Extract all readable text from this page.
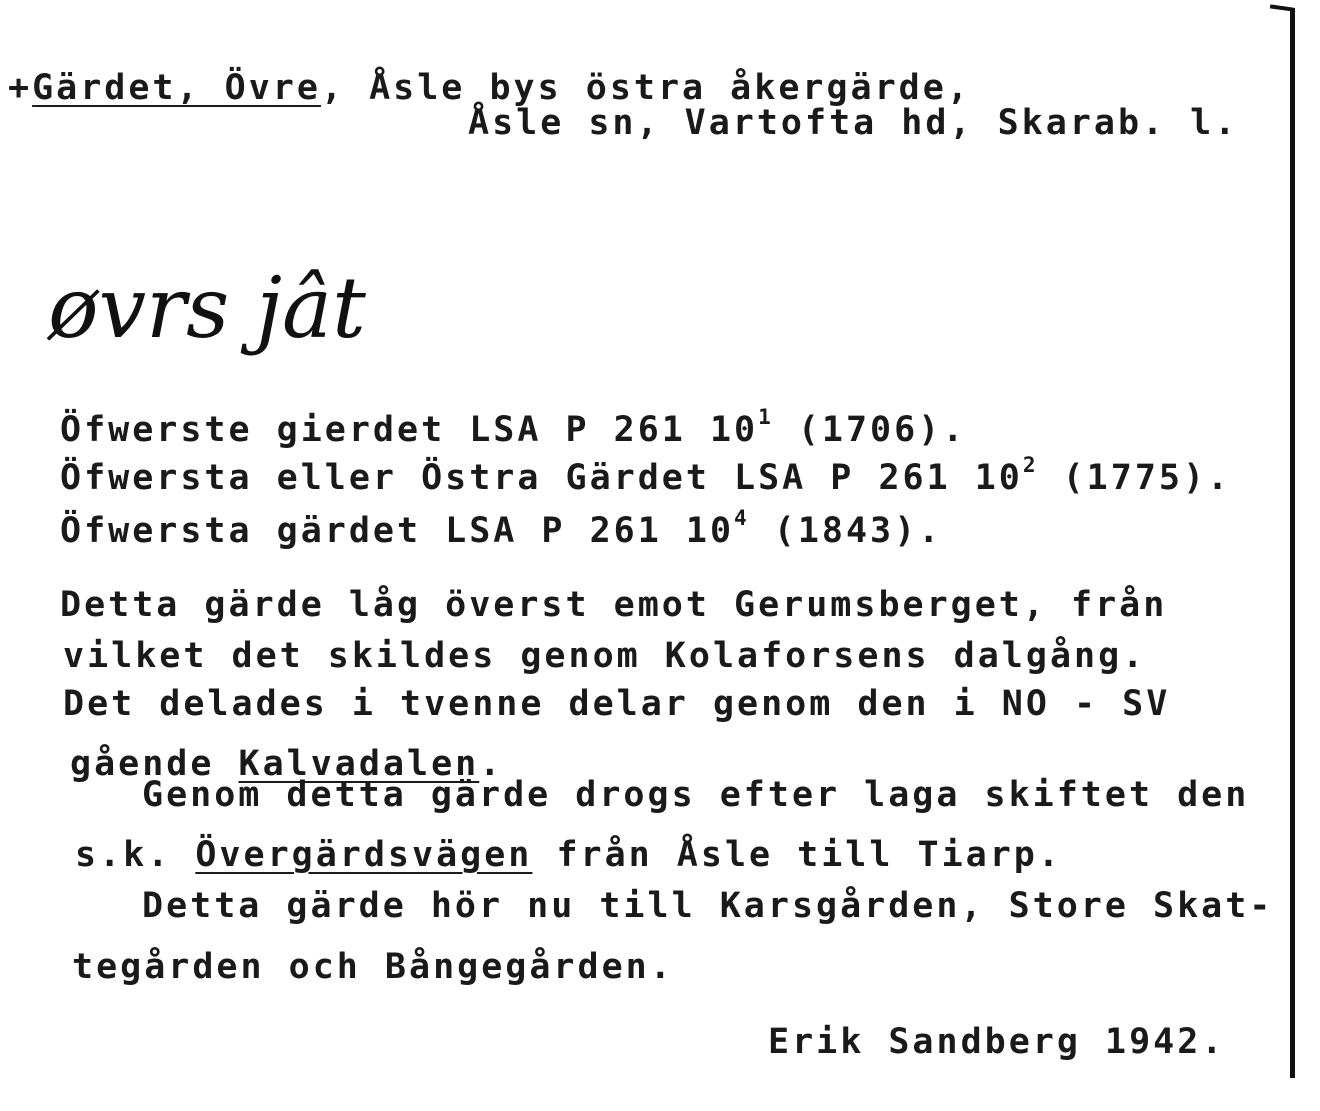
+Gärdet, Övre, Åsle bys östra åkergärde,
Åsle sn, Vartofta hd, Skarab. l.
øvrs jât
Öfwerste gierdet LSA P 261 $10^1$ (1706).
Öfwersta eller Östra Gärdet LSA P 261 $10^2$ (1775).
Öfwersta gärdet LSA P 261 $10^4$ (1843).
Detta gärde låg överst emot Gerumsberget, från
vilket det skildes genom Kolaforsens dalgång.
Det delades i tvenne delar genom den i NO - SV
gående Kalvadalen.
Genom detta gärde drogs efter laga skiftet den
s.k. Övergärdsvägen från Åsle till Tiarp.
Detta gärde hör nu till Karsgården, Store Skat-
tegården och Bångegården.
Erik Sandberg 1942.
